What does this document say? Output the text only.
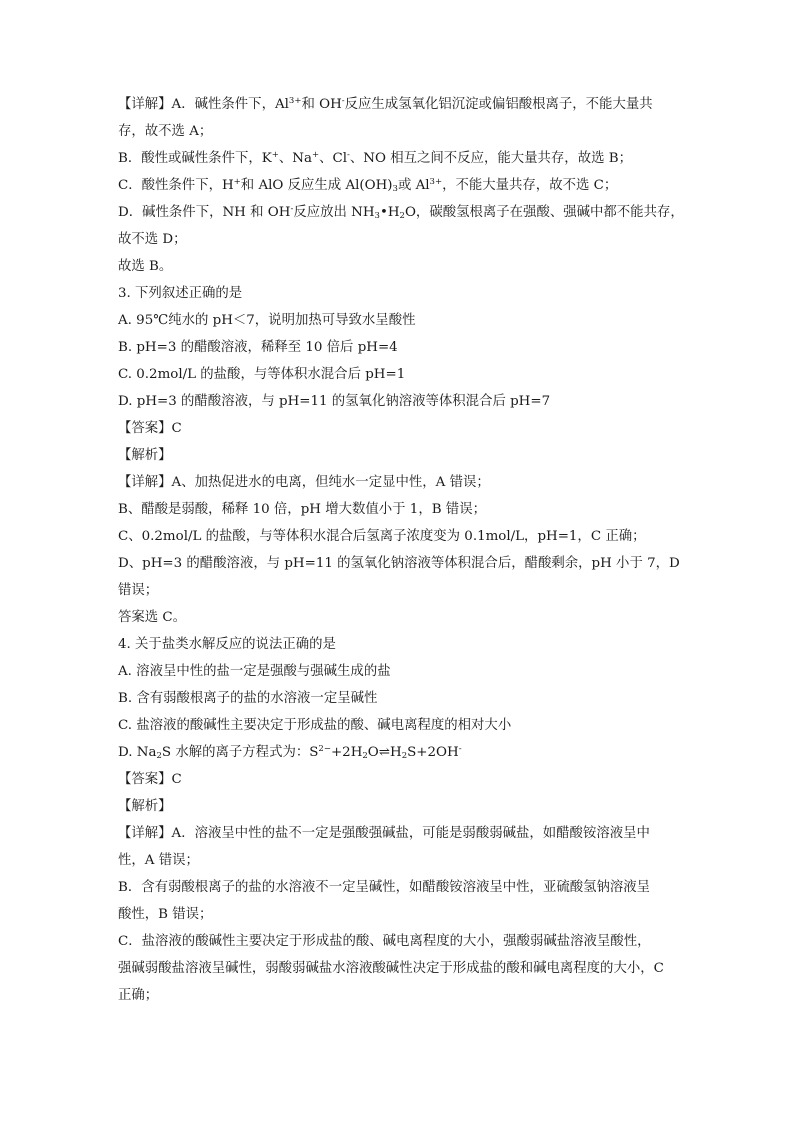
【详解】A．碱性条件下，$Al^{3+}$和 OH-反应生成氢氧化铝沉淀或偏铝酸根离子，不能大量共
存，故不选 A；
B．酸性或碱性条件下，K+、Na+、Cl-、NO 相互之间不反应，能大量共存，故选 B；
C．酸性条件下，H+和 AlO 反应生成 $Al(OH)_3$或 $Al^{3+}$，不能大量共存，故不选 C；
D．碱性条件下，NH 和 OH-反应放出 $NH_3•H_2O$，碳酸氢根离子在强酸、强碱中都不能共存，
故不选 D；
故选 B。
3. 下列叙述正确的是
A. 95℃纯水的 pH＜7，说明加热可导致水呈酸性
B. pH=3 的醋酸溶液，稀释至 10 倍后 pH=4
C. 0.2mol/L 的盐酸，与等体积水混合后 pH=1
D. pH=3 的醋酸溶液，与 pH=11 的氢氧化钠溶液等体积混合后 pH=7
【答案】C
【解析】
【详解】A、加热促进水的电离，但纯水一定显中性，A 错误；
B、醋酸是弱酸，稀释 10 倍，pH 增大数值小于 1，B 错误；
C、0.2mol/L 的盐酸，与等体积水混合后氢离子浓度变为 0.1mol/L，pH=1，C 正确；
D、pH=3 的醋酸溶液，与 pH=11 的氢氧化钠溶液等体积混合后，醋酸剩余，pH 小于 7，D
错误；
答案选 C。
4. 关于盐类水解反应的说法正确的是
A. 溶液呈中性的盐一定是强酸与强碱生成的盐
B. 含有弱酸根离子的盐的水溶液一定呈碱性
C. 盐溶液的酸碱性主要决定于形成盐的酸、碱电离程度的相对大小
D. $Na_2S$ 水解的离子方程式为：$S^{2-}+2H_2O\rightleftharpoons H_2S+2OH^-$
【答案】C
【解析】
【详解】A．溶液呈中性的盐不一定是强酸强碱盐，可能是弱酸弱碱盐，如醋酸铵溶液呈中
性，A 错误；
B．含有弱酸根离子的盐的水溶液不一定呈碱性，如醋酸铵溶液呈中性，亚硫酸氢钠溶液呈
酸性，B 错误；
C．盐溶液的酸碱性主要决定于形成盐的酸、碱电离程度的大小，强酸弱碱盐溶液呈酸性，
强碱弱酸盐溶液呈碱性，弱酸弱碱盐水溶液酸碱性决定于形成盐的酸和碱电离程度的大小，C
正确；
